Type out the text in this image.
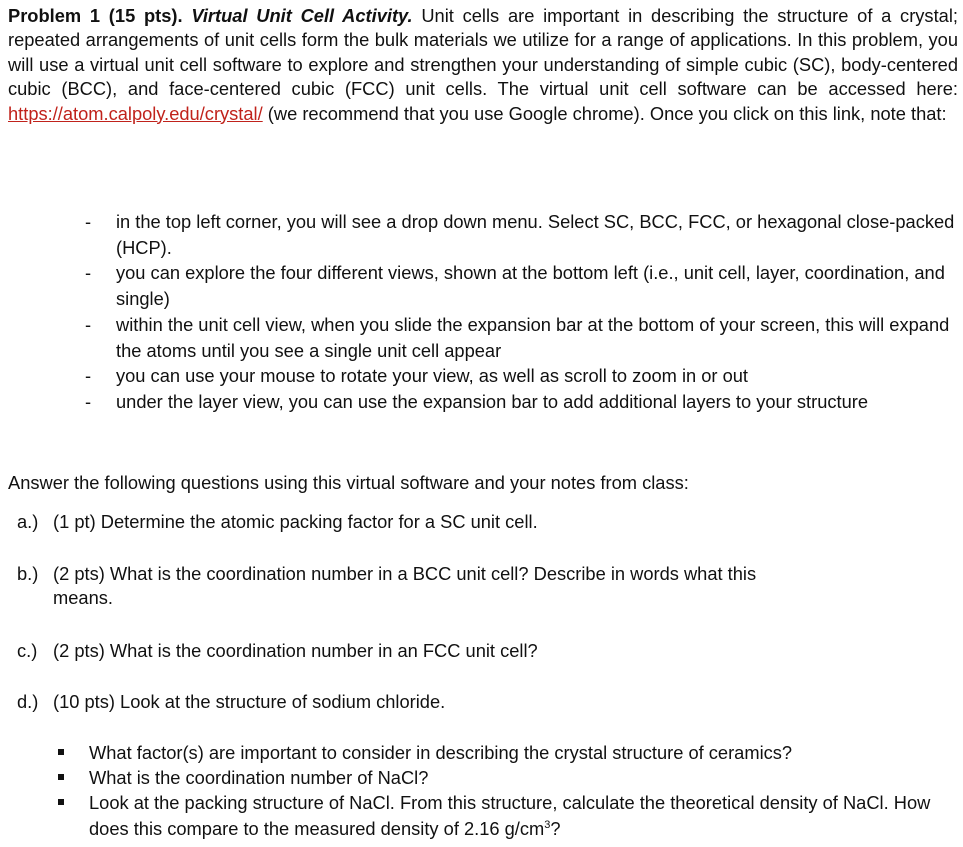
Problem 1 (15 pts). Virtual Unit Cell Activity. Unit cells are important in describing the structure of a crystal; repeated arrangements of unit cells form the bulk materials we utilize for a range of applications. In this problem, you will use a virtual unit cell software to explore and strengthen your understanding of simple cubic (SC), body-centered cubic (BCC), and face-centered cubic (FCC) unit cells. The virtual unit cell software can be accessed here: https://atom.calpoly.edu/crystal/ (we recommend that you use Google chrome). Once you click on this link, note that:

- in the top left corner, you will see a drop down menu. Select SC, BCC, FCC, or hexagonal close-packed (HCP).
- you can explore the four different views, shown at the bottom left (i.e., unit cell, layer, coordination, and single)
- within the unit cell view, when you slide the expansion bar at the bottom of your screen, this will expand the atoms until you see a single unit cell appear
- you can use your mouse to rotate your view, as well as scroll to zoom in or out
- under the layer view, you can use the expansion bar to add additional layers to your structure

Answer the following questions using this virtual software and your notes from class:

a.) (1 pt) Determine the atomic packing factor for a SC unit cell.

b.) (2 pts) What is the coordination number in a BCC unit cell? Describe in words what this
means.

c.) (2 pts) What is the coordination number in an FCC unit cell?

d.) (10 pts) Look at the structure of sodium chloride.

What factor(s) are important to consider in describing the crystal structure of ceramics?
What is the coordination number of NaCl?
Look at the packing structure of NaCl. From this structure, calculate the theoretical density of NaCl. How does this compare to the measured density of 2.16 $g/cm^3$?
